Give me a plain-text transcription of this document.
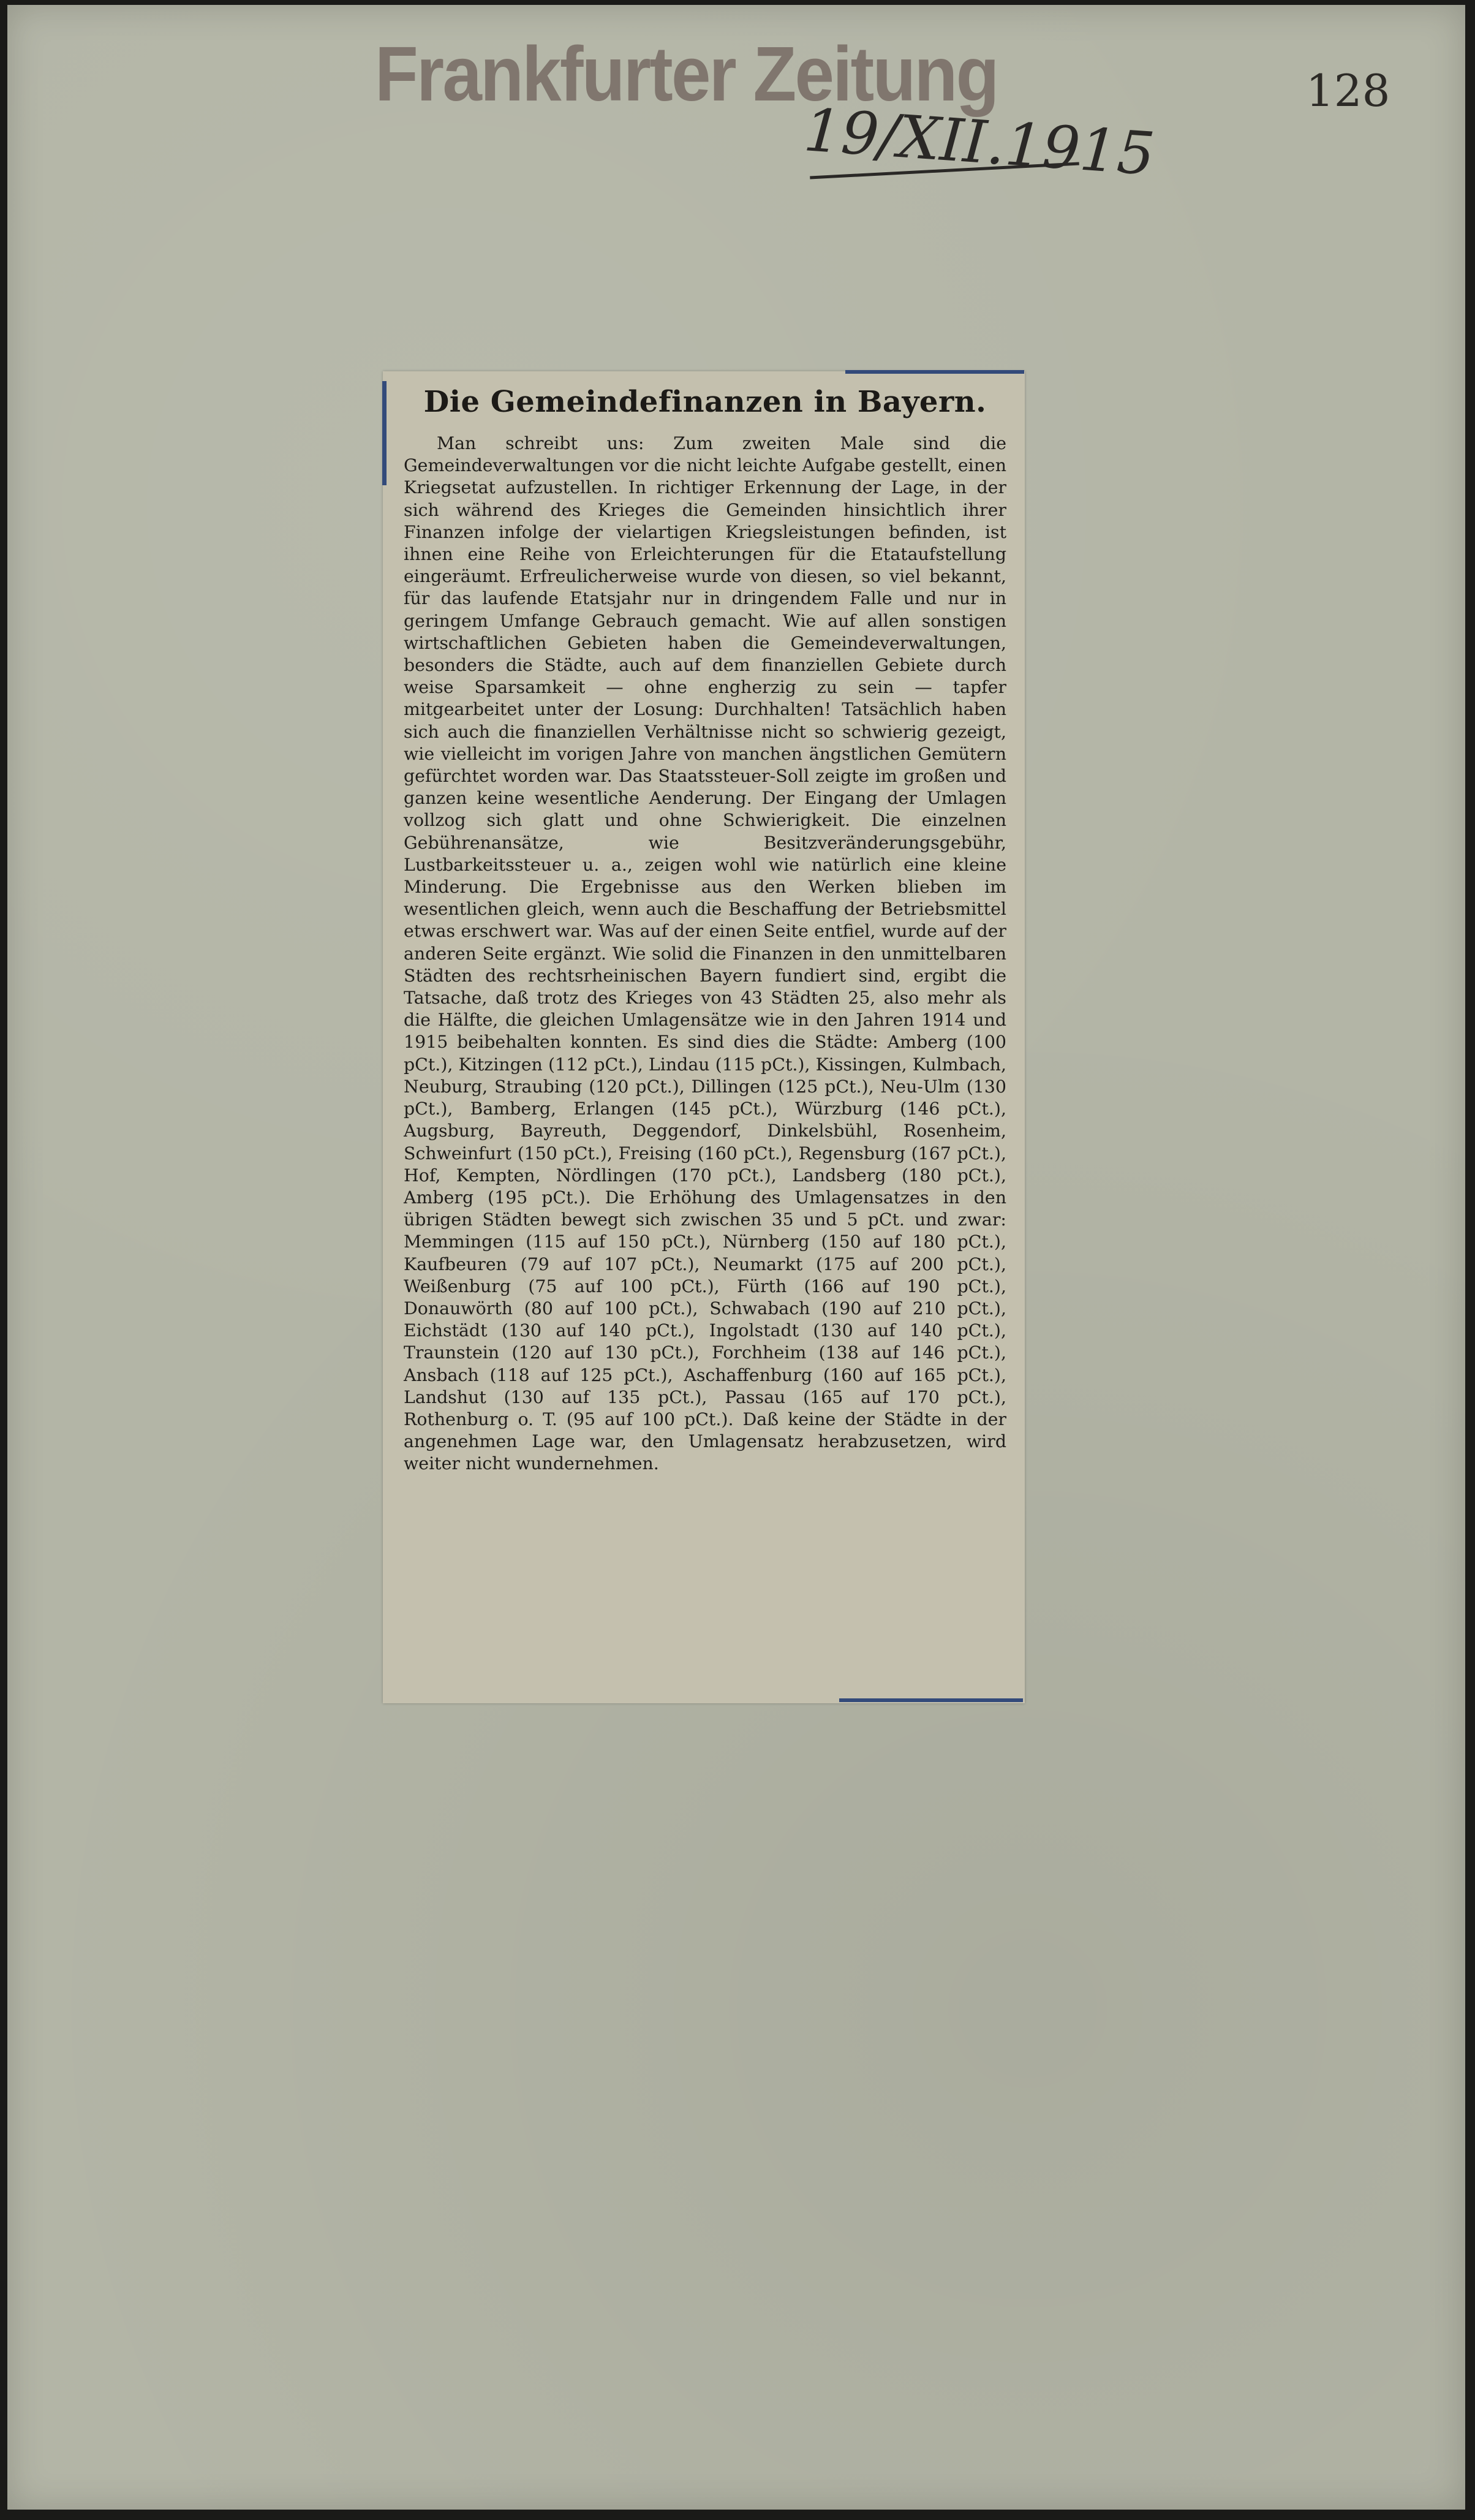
Frankfurter Zeitung	128
19/XII.1915
Die Gemeindefinanzen in Bayern.

Man schreibt uns: Zum zweiten Male sind die Gemeindeverwaltungen vor die nicht leichte Aufgabe gestellt, einen Kriegsetat aufzustellen. In richtiger Erkennung der Lage, in der sich während des Krieges die Gemeinden hinsichtlich ihrer Finanzen infolge der vielartigen Kriegsleistungen befinden, ist ihnen eine Reihe von Erleichterungen für die Etataufstellung eingeräumt. Erfreulicherweise wurde von diesen, so viel bekannt, für das laufende Etatsjahr nur in dringendem Falle und nur in geringem Umfange Gebrauch gemacht. Wie auf allen sonstigen wirtschaftlichen Gebieten haben die Gemeindeverwaltungen, besonders die Städte, auch auf dem finanziellen Gebiete durch weise Sparsamkeit — ohne engherzig zu sein — tapfer mitgearbeitet unter der Losung: Durchhalten! Tatsächlich haben sich auch die finanziellen Verhältnisse nicht so schwierig gezeigt, wie vielleicht im vorigen Jahre von manchen ängstlichen Gemütern gefürchtet worden war. Das Staatssteuer-Soll zeigte im großen und ganzen keine wesentliche Aenderung. Der Eingang der Umlagen vollzog sich glatt und ohne Schwierigkeit. Die einzelnen Gebührenansätze, wie Besitzveränderungsgebühr, Lustbarkeitssteuer u. a., zeigen wohl wie natürlich eine kleine Minderung. Die Ergebnisse aus den Werken blieben im wesentlichen gleich, wenn auch die Beschaffung der Betriebsmittel etwas erschwert war. Was auf der einen Seite entfiel, wurde auf der anderen Seite ergänzt. Wie solid die Finanzen in den unmittelbaren Städten des rechtsrheinischen Bayern fundiert sind, ergibt die Tatsache, daß trotz des Krieges von 43 Städten 25, also mehr als die Hälfte, die gleichen Umlagensätze wie in den Jahren 1914 und 1915 beibehalten konnten. Es sind dies die Städte: Amberg (100 pCt.), Kitzingen (112 pCt.), Lindau (115 pCt.), Kissingen, Kulmbach, Neuburg, Straubing (120 pCt.), Dillingen (125 pCt.), Neu-Ulm (130 pCt.), Bamberg, Erlangen (145 pCt.), Würzburg (146 pCt.), Augsburg, Bayreuth, Deggendorf, Dinkelsbühl, Rosenheim, Schweinfurt (150 pCt.), Freising (160 pCt.), Regensburg (167 pCt.), Hof, Kempten, Nördlingen (170 pCt.), Landsberg (180 pCt.), Amberg (195 pCt.). Die Erhöhung des Umlagensatzes in den übrigen Städten bewegt sich zwischen 35 und 5 pCt. und zwar: Memmingen (115 auf 150 pCt.), Nürnberg (150 auf 180 pCt.), Kaufbeuren (79 auf 107 pCt.), Neumarkt (175 auf 200 pCt.), Weißenburg (75 auf 100 pCt.), Fürth (166 auf 190 pCt.), Donauwörth (80 auf 100 pCt.), Schwabach (190 auf 210 pCt.), Eichstädt (130 auf 140 pCt.), Ingolstadt (130 auf 140 pCt.), Traunstein (120 auf 130 pCt.), Forchheim (138 auf 146 pCt.), Ansbach (118 auf 125 pCt.), Aschaffenburg (160 auf 165 pCt.), Landshut (130 auf 135 pCt.), Passau (165 auf 170 pCt.), Rothenburg o. T. (95 auf 100 pCt.). Daß keine der Städte in der angenehmen Lage war, den Umlagensatz herabzusetzen, wird weiter nicht wundernehmen.
